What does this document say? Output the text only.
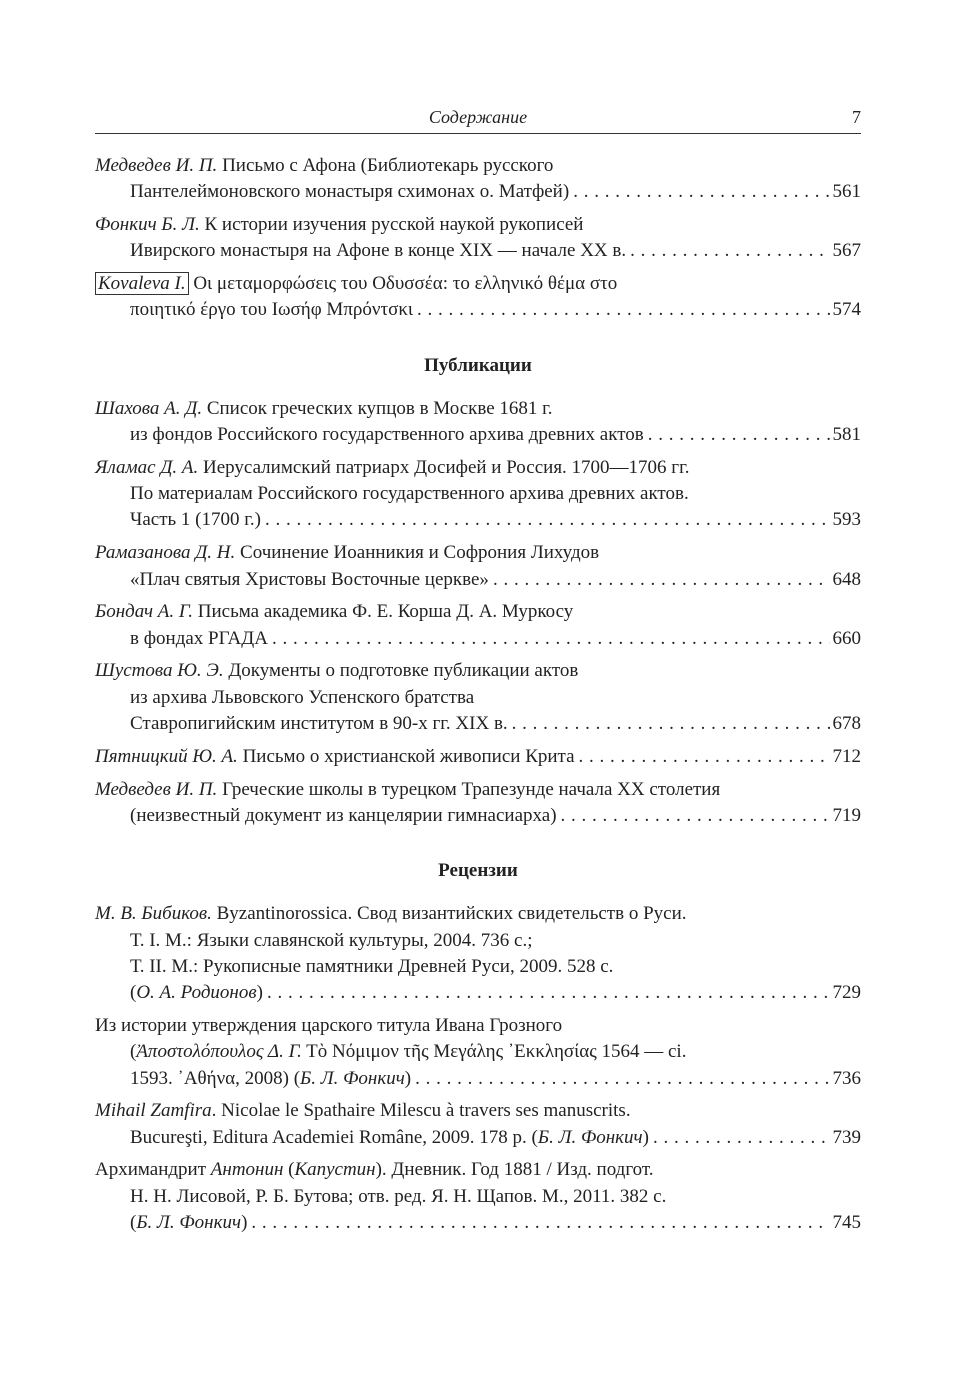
Содержание	7
Медведев И. П. Письмо с Афона (Библиотекарь русского
Пантелеймоновского монастыря схимонах о. Матфей) . . .	561
Фонкич Б. Л. К истории изучения русской наукой рукописей
Ивирского монастыря на Афоне в конце XIX — начале XX в. . . .	567
Kovaleva I. Οι μεταμορφώσεις του Οδυσσέα: το ελληνικό θέμα στο
ποιητικό έργο του Ιωσήφ Μπρόντσκι . . .	574
Публикации
Шахова А. Д. Список греческих купцов в Москве 1681 г.
из фондов Российского государственного архива древних актов . . .	581
Яламас Д. А. Иерусалимский патриарх Досифей и Россия. 1700—1706 гг.
По материалам Российского государственного архива древних актов.
Часть 1 (1700 г.) . . .	593
Рамазанова Д. Н. Сочинение Иоанникия и Софрония Лихудов
«Плач святыя Христовы Восточные церкве» . . .	648
Бондач А. Г. Письма академика Ф. Е. Корша Д. А. Муркосу
в фондах РГАДА . . .	660
Шустова Ю. Э. Документы о подготовке публикации актов
из архива Львовского Успенского братства
Ставропигийским институтом в 90-х гг. XIX в. . . .	678
Пятницкий Ю. А. Письмо о христианской живописи Крита . . .	712
Медведев И. П. Греческие школы в турецком Трапезунде начала XX столетия
(неизвестный документ из канцелярии гимнасиарха) . . .	719
Рецензии
М. В. Бибиков. Byzantinorossica. Свод византийских свидетельств о Руси.
Т. I. М.: Языки славянской культуры, 2004. 736 с.;
Т. II. М.: Рукописные памятники Древней Руси, 2009. 528 с.
(О. А. Родионов) . . .	729
Из истории утверждения царского титула Ивана Грозного
(Ἀποστολόπουλος Δ. Γ. Τὸ Νόμιμον τῆς Μεγάλης ᾿Εκκλησίας 1564 — ci.
1593. ᾿Αθήνα, 2008) (Б. Л. Фонкич) . . .	736
Mihail Zamfira. Nicolae le Spathaire Milescu à travers ses manuscrits.
Bucureşti, Editura Academiei Române, 2009. 178 p. (Б. Л. Фонкич) . . .	739
Архимандрит Антонин (Капустин). Дневник. Год 1881 / Изд. подгот.
Н. Н. Лисовой, Р. Б. Бутова; отв. ред. Я. Н. Щапов. М., 2011. 382 с.
(Б. Л. Фонкич) . . .	745
